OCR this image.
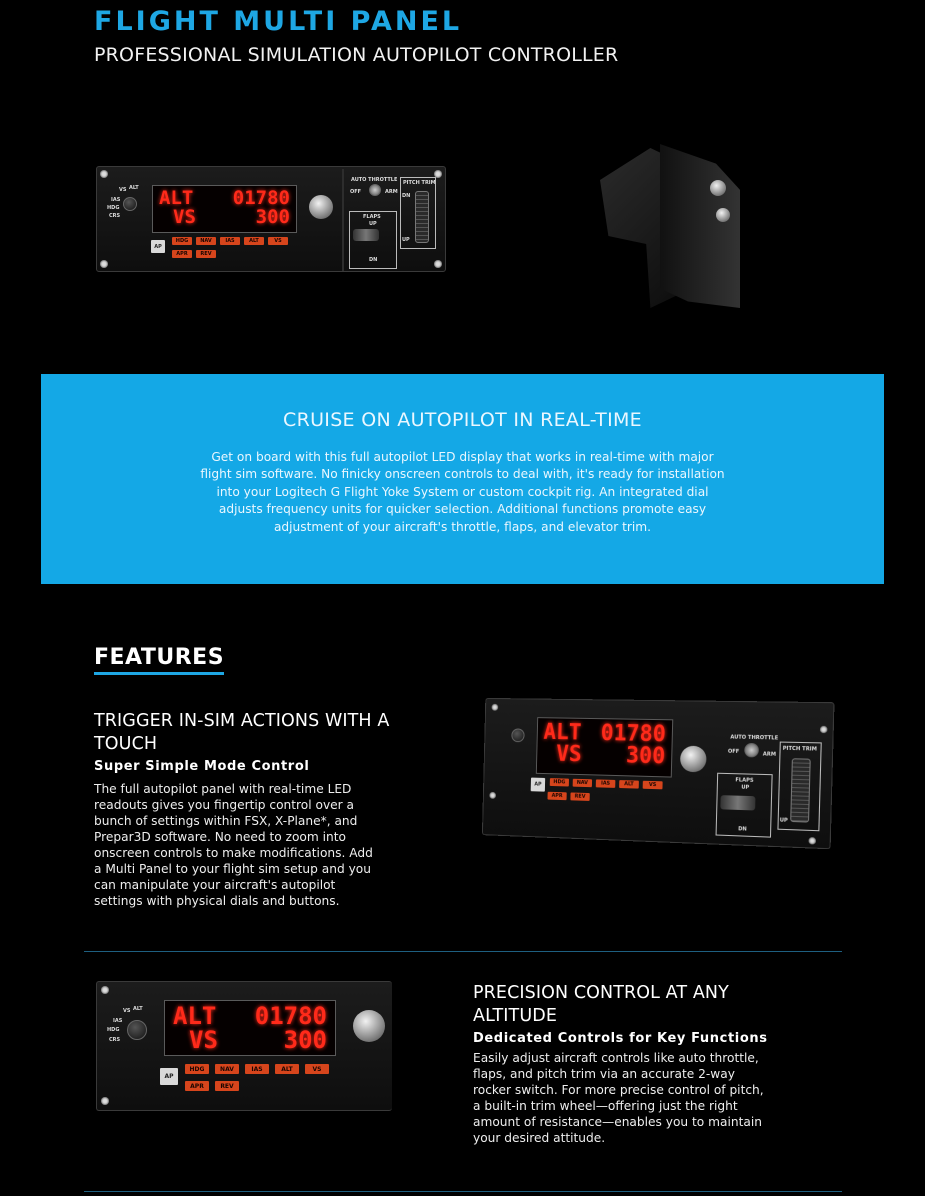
FLIGHT MULTI PANEL
PROFESSIONAL SIMULATION AUTOPILOT CONTROLLER
VS ALT
IAS
HDG
CRS
ALT 01780
VS	300
AP
HDG	NAV	IAS	ALT	VS
APR	REV
AUTO THROTTLE
OFF	ARM
FLAPS
UP
DN
PITCH TRIM
DN
UP
CRUISE ON AUTOPILOT IN REAL-TIME
Get on board with this full autopilot LED display that works in real-time with major flight sim software. No finicky onscreen controls to deal with, it's ready for installation into your Logitech G Flight Yoke System or custom cockpit rig. An integrated dial adjusts frequency units for quicker selection. Additional functions promote easy adjustment of your aircraft's throttle, flaps, and elevator trim.
FEATURES
TRIGGER IN-SIM ACTIONS WITH A TOUCH
Super Simple Mode Control
The full autopilot panel with real-time LED readouts gives you fingertip control over a bunch of settings within FSX, X-Plane*, and Prepar3D software. No need to zoom into onscreen controls to make modifications. Add a Multi Panel to your flight sim setup and you can manipulate your aircraft's autopilot settings with physical dials and buttons.
ALT 01780
VS 300
AP	HDG	NAV	IAS	ALT	VS
APR	REV
AUTO THROTTLE
OFF	ARM
FLAPS
UP
DN
PITCH TRIM
UP
VS ALT
IAS
HDG
CRS
ALT 01780
VS	300
AP
HDG	NAV	IAS	ALT	VS
APR	REV
PRECISION CONTROL AT ANY ALTITUDE
Dedicated Controls for Key Functions
Easily adjust aircraft controls like auto throttle, flaps, and pitch trim via an accurate 2-way rocker switch. For more precise control of pitch, a built-in trim wheel—offering just the right amount of resistance—enables you to maintain your desired attitude.
